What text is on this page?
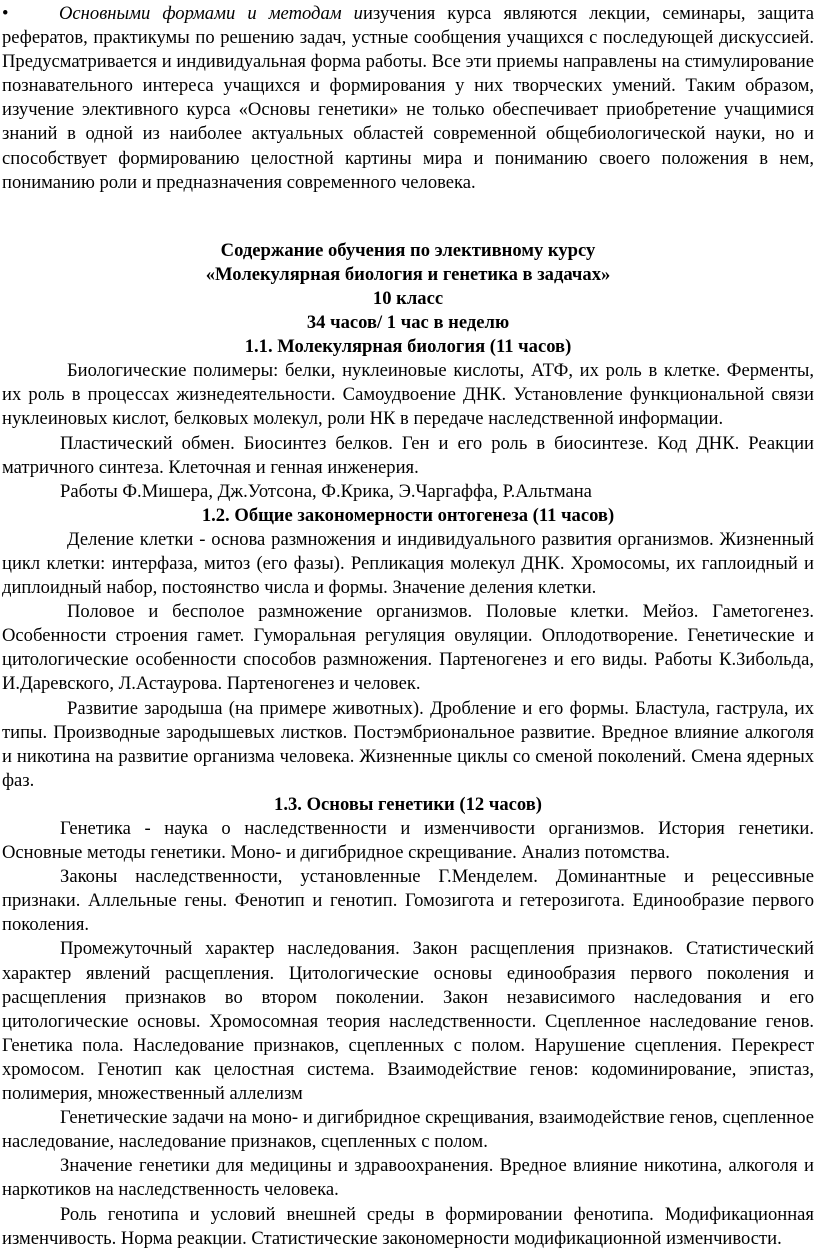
•	Основными формами и методам иизучения курса являются лекции, семинары, защита рефератов, практикумы по решению задач, устные сообщения учащихся с последующей дискуссией. Предусматривается и индивидуальная форма работы. Все эти приемы направлены на стимулирование познавательного интереса учащихся и формирования у них творческих умений. Таким образом, изучение элективного курса «Основы генетики» не только обеспечивает приобретение учащимися знаний в одной из наиболее актуальных областей современной общебиологической науки, но и способствует формированию целостной картины мира и пониманию своего положения в нем, пониманию роли и предназначения современного человека.

Содержание обучения по элективному курсу

«Молекулярная биология и генетика в задачах»

10 класс

34 часов/ 1 час в неделю

1.1. Молекулярная биология (11 часов)

Биологические полимеры: белки, нуклеиновые кислоты, АТФ, их роль в клетке. Ферменты, их роль в процессах жизнедеятельности. Самоудвоение ДНК. Установление функциональной связи нуклеиновых кислот, белковых молекул, роли НК в передаче наследственной информации.

Пластический обмен. Биосинтез белков. Ген и его роль в биосинтезе. Код ДНК. Реакции матричного синтеза. Клеточная и генная инженерия.

Работы Ф.Мишера, Дж.Уотсона, Ф.Крика, Э.Чаргаффа, Р.Альтмана

1.2. Общие закономерности онтогенеза (11 часов)

Деление клетки - основа размножения и индивидуального развития организмов. Жизненный цикл клетки: интерфаза, митоз (его фазы). Репликация молекул ДНК. Хромосомы, их гаплоидный и диплоидный набор, постоянство числа и формы. Значение деления клетки.

Половое и бесполое размножение организмов. Половые клетки. Мейоз. Гаметогенез. Особенности строения гамет. Гуморальная регуляция овуляции. Оплодотворение. Генетические и цитологические особенности способов размножения. Партеногенез и его виды. Работы К.Зибольда, И.Даревского, Л.Астаурова. Партеногенез и человек.

Развитие зародыша (на примере животных). Дробление и его формы. Бластула, гаструла, их типы. Производные зародышевых листков. Постэмбриональное развитие. Вредное влияние алкоголя и никотина на развитие организма человека. Жизненные циклы со сменой поколений. Смена ядерных фаз.

1.3. Основы генетики (12 часов)

Генетика - наука о наследственности и изменчивости организмов. История генетики. Основные методы генетики. Моно- и дигибридное скрещивание. Анализ потомства.

Законы наследственности, установленные Г.Менделем. Доминантные и рецессивные признаки. Аллельные гены. Фенотип и генотип. Гомозигота и гетерозигота. Единообразие первого поколения.

Промежуточный характер наследования. Закон расщепления признаков. Статистический характер явлений расщепления. Цитологические основы единообразия первого поколения и расщепления признаков во втором поколении. Закон независимого наследования и его цитологические основы. Хромосомная теория наследственности. Сцепленное наследование генов. Генетика пола. Наследование признаков, сцепленных с полом. Нарушение сцепления. Перекрест хромосом. Генотип как целостная система. Взаимодействие генов: кодоминирование, эпистаз, полимерия, множественный аллелизм

Генетические задачи на моно- и дигибридное скрещивания, взаимодействие генов, сцепленное наследование, наследование признаков, сцепленных с полом.

Значение генетики для медицины и здравоохранения. Вредное влияние никотина, алкоголя и наркотиков на наследственность человека.

Роль генотипа и условий внешней среды в формировании фенотипа. Модификационная изменчивость. Норма реакции. Статистические закономерности модификационной изменчивости.
